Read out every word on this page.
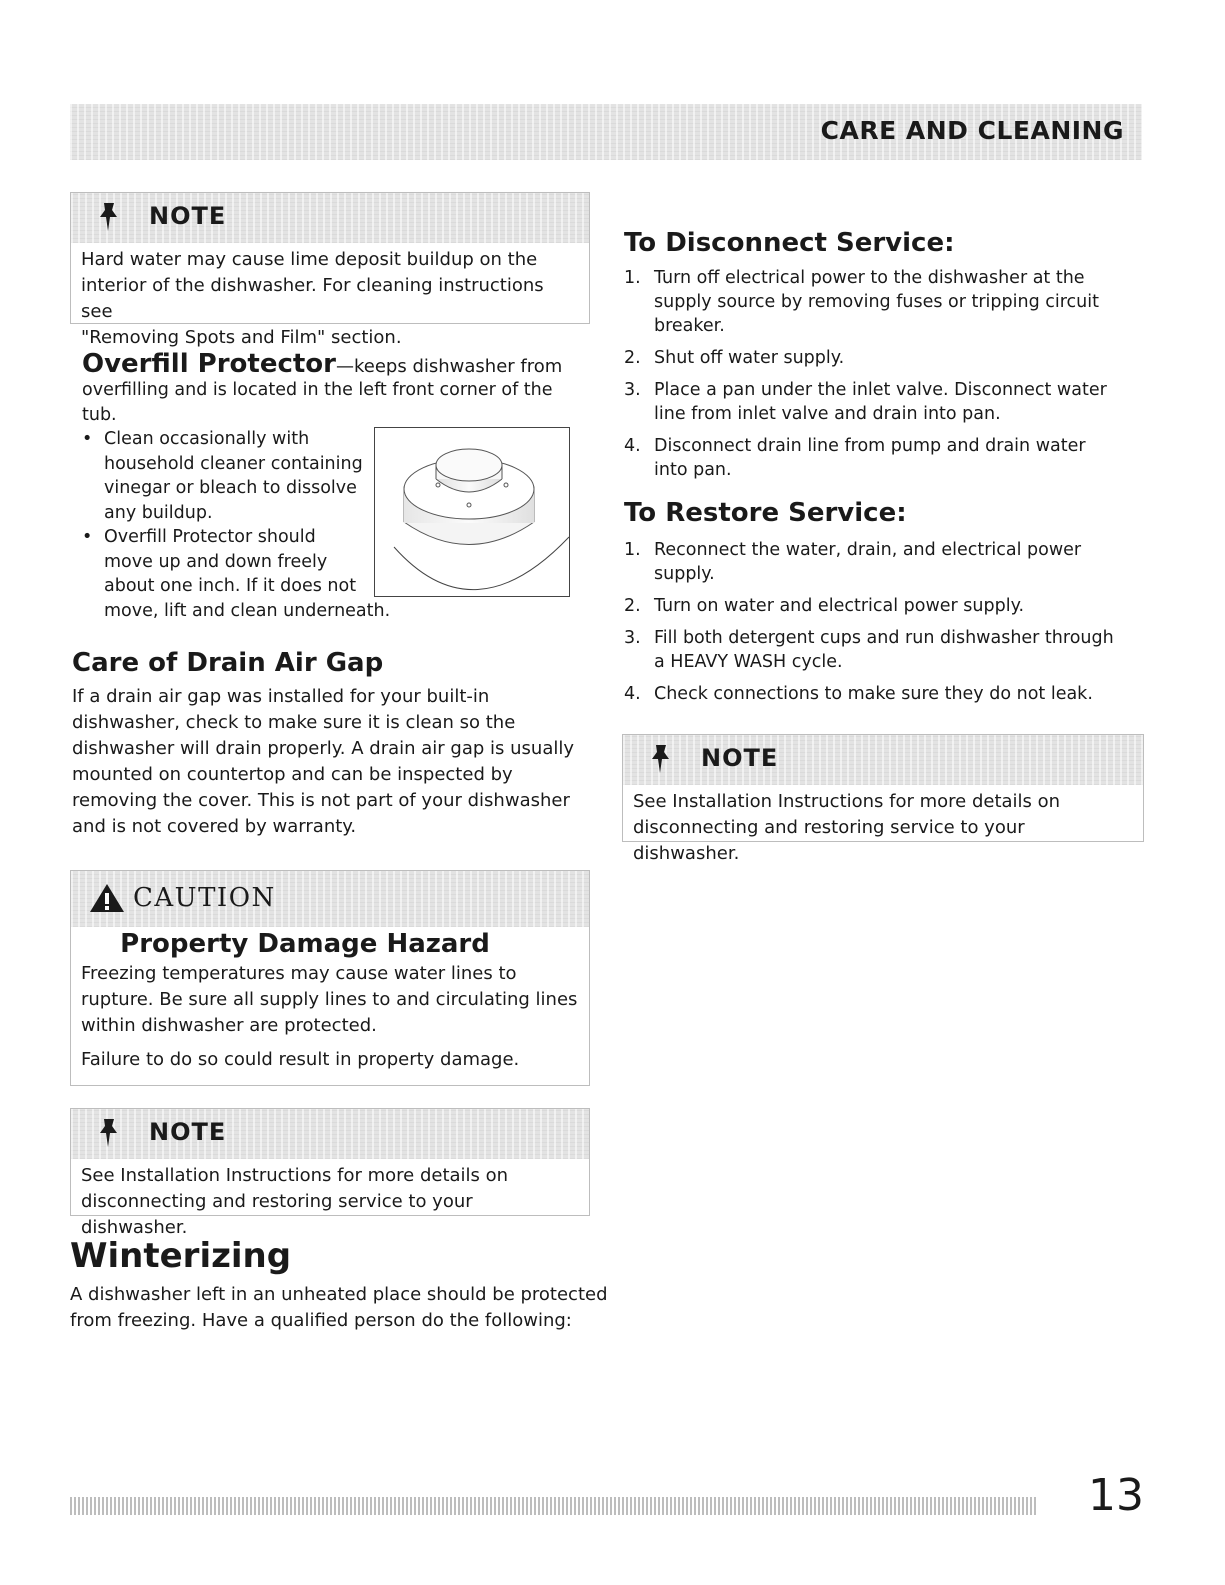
CARE AND CLEANING
NOTE

Hard water may cause lime deposit buildup on the

interior of the dishwasher. For cleaning instructions see

"Removing Spots and Film" section.

Overfill Protector—keeps dishwasher from
overfilling and is located in the left front corner of the
tub.
• Clean occasionally with
household cleaner containing
vinegar or bleach to dissolve
any buildup.
• Overfill Protector should
move up and down freely
about one inch. If it does not
move, lift and clean underneath.
Care of Drain Air Gap
If a drain air gap was installed for your built-in
dishwasher, check to make sure it is clean so the
dishwasher will drain properly. A drain air gap is usually
mounted on countertop and can be inspected by
removing the cover. This is not part of your dishwasher
and is not covered by warranty.
CAUTION
Property Damage Hazard

Freezing temperatures may cause water lines to

rupture. Be sure all supply lines to and circulating lines

within dishwasher are protected.

Failure to do so could result in property damage.

NOTE

See Installation Instructions for more details on

disconnecting and restoring service to your dishwasher.

Winterizing
A dishwasher left in an unheated place should be protected
from freezing. Have a qualified person do the following:
To Disconnect Service:
1. Turn off electrical power to the dishwasher at the
supply source by removing fuses or tripping circuit
breaker.
2. Shut off water supply.
3. Place a pan under the inlet valve. Disconnect water
line from inlet valve and drain into pan.
4. Disconnect drain line from pump and drain water
into pan.
To Restore Service:
1. Reconnect the water, drain, and electrical power
supply.
2. Turn on water and electrical power supply.
3. Fill both detergent cups and run dishwasher through
a HEAVY WASH cycle.
4. Check connections to make sure they do not leak.
NOTE

See Installation Instructions for more details on

disconnecting and restoring service to your dishwasher.

13
